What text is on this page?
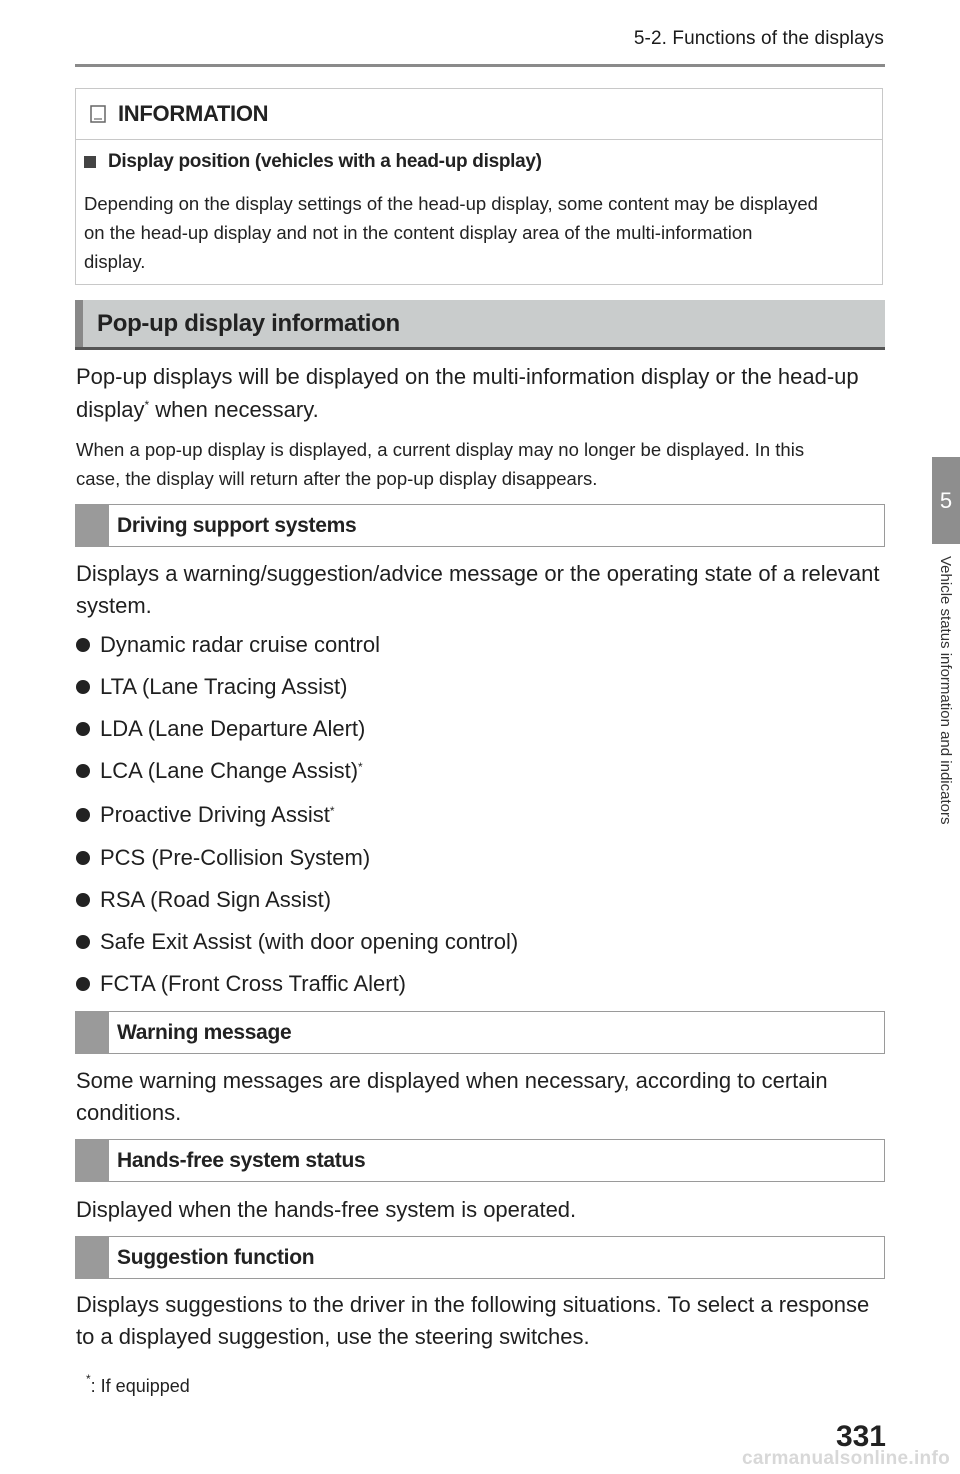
5-2. Functions of the displays
5
Vehicle status information and indicators
INFORMATION
Display position (vehicles with a head-up display)
Depending on the display settings of the head-up display, some content may be displayed
on the head-up display and not in the content display area of the multi-information
display.
Pop-up display information
Pop-up displays will be displayed on the multi-information display or the head-up
display* when necessary.
When a pop-up display is displayed, a current display may no longer be displayed. In this
case, the display will return after the pop-up display disappears.
Driving support systems
Displays a warning/suggestion/advice message or the operating state of a relevant
system.
Dynamic radar cruise control
LTA (Lane Tracing Assist)
LDA (Lane Departure Alert)
LCA (Lane Change Assist)*
Proactive Driving Assist*
PCS (Pre-Collision System)
RSA (Road Sign Assist)
Safe Exit Assist (with door opening control)
FCTA (Front Cross Traffic Alert)
Warning message
Some warning messages are displayed when necessary, according to certain
conditions.
Hands-free system status
Displayed when the hands-free system is operated.
Suggestion function
Displays suggestions to the driver in the following situations. To select a response
to a displayed suggestion, use the steering switches.
*: If equipped
331
carmanualsonline.info
